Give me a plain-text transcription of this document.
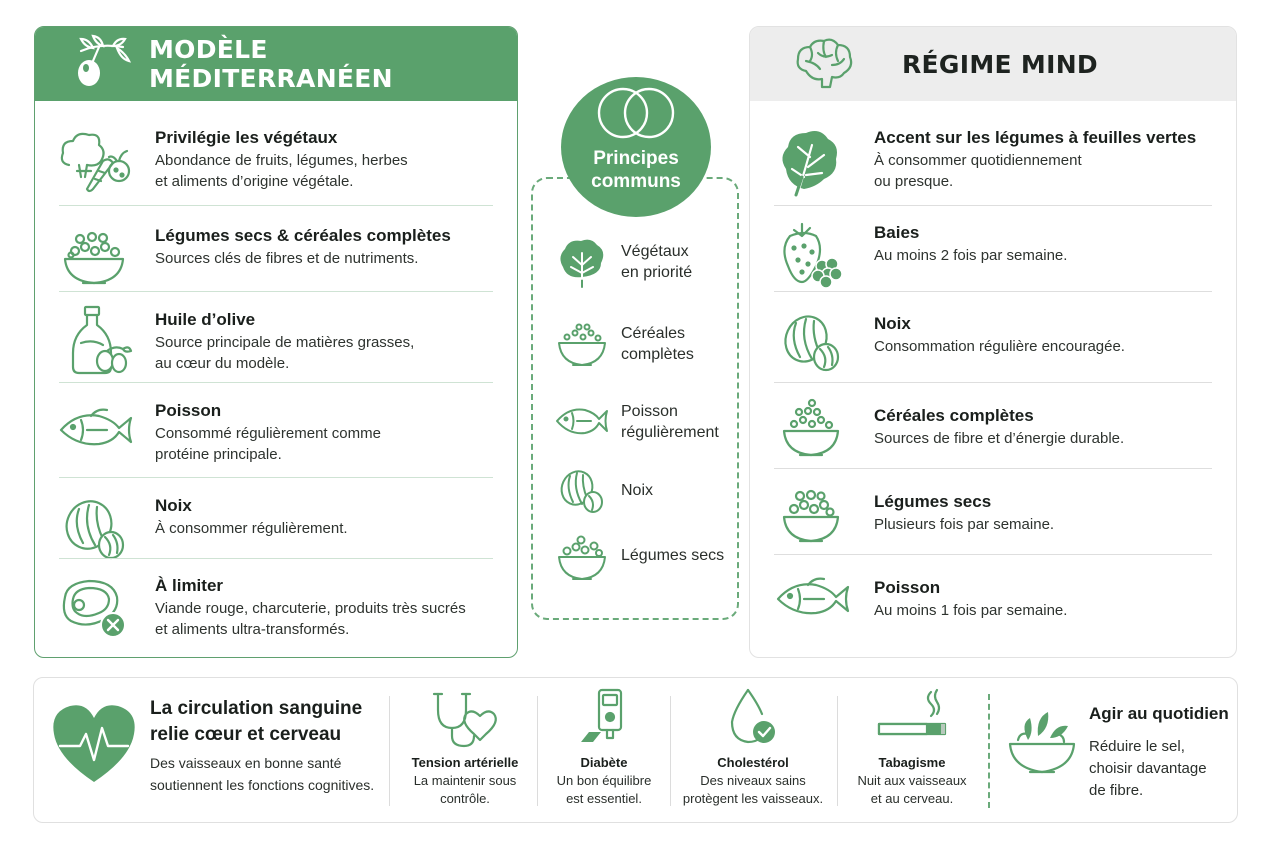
MODÈLE MÉDITERRANÉEN
Privilégie les végétaux
Abondance de fruits, légumes, herbes
et aliments d’origine végétale.
Légumes secs & céréales complètes
Sources clés de fibres et de nutriments.
Huile d’olive
Source principale de matières grasses,
au cœur du modèle.
Poisson
Consommé régulièrement comme
protéine principale.
Noix
À consommer régulièrement.
À limiter
Viande rouge, charcuterie, produits très sucrés
et aliments ultra-transformés.
Végétaux
en priorité
Céréales
complètes
Poisson
régulièrement
Noix
Légumes secs
Principes
communs
RÉGIME MIND
Accent sur les légumes à feuilles vertes
À consommer quotidiennement
ou presque.
Baies
Au moins 2 fois par semaine.
Noix
Consommation régulière encouragée.
Céréales complètes
Sources de fibre et d’énergie durable.
Légumes secs
Plusieurs fois par semaine.
Poisson
Au moins 1 fois par semaine.
La circulation sanguine
relie cœur et cerveau
Des vaisseaux en bonne santé
soutiennent les fonctions cognitives.
Tension artérielle
La maintenir sous
contrôle.
Diabète
Un bon équilibre
est essentiel.
Cholestérol
Des niveaux sains
protègent les vaisseaux.
Tabagisme
Nuit aux vaisseaux
et au cerveau.
Agir au quotidien
Réduire le sel,
choisir davantage
de fibre.
